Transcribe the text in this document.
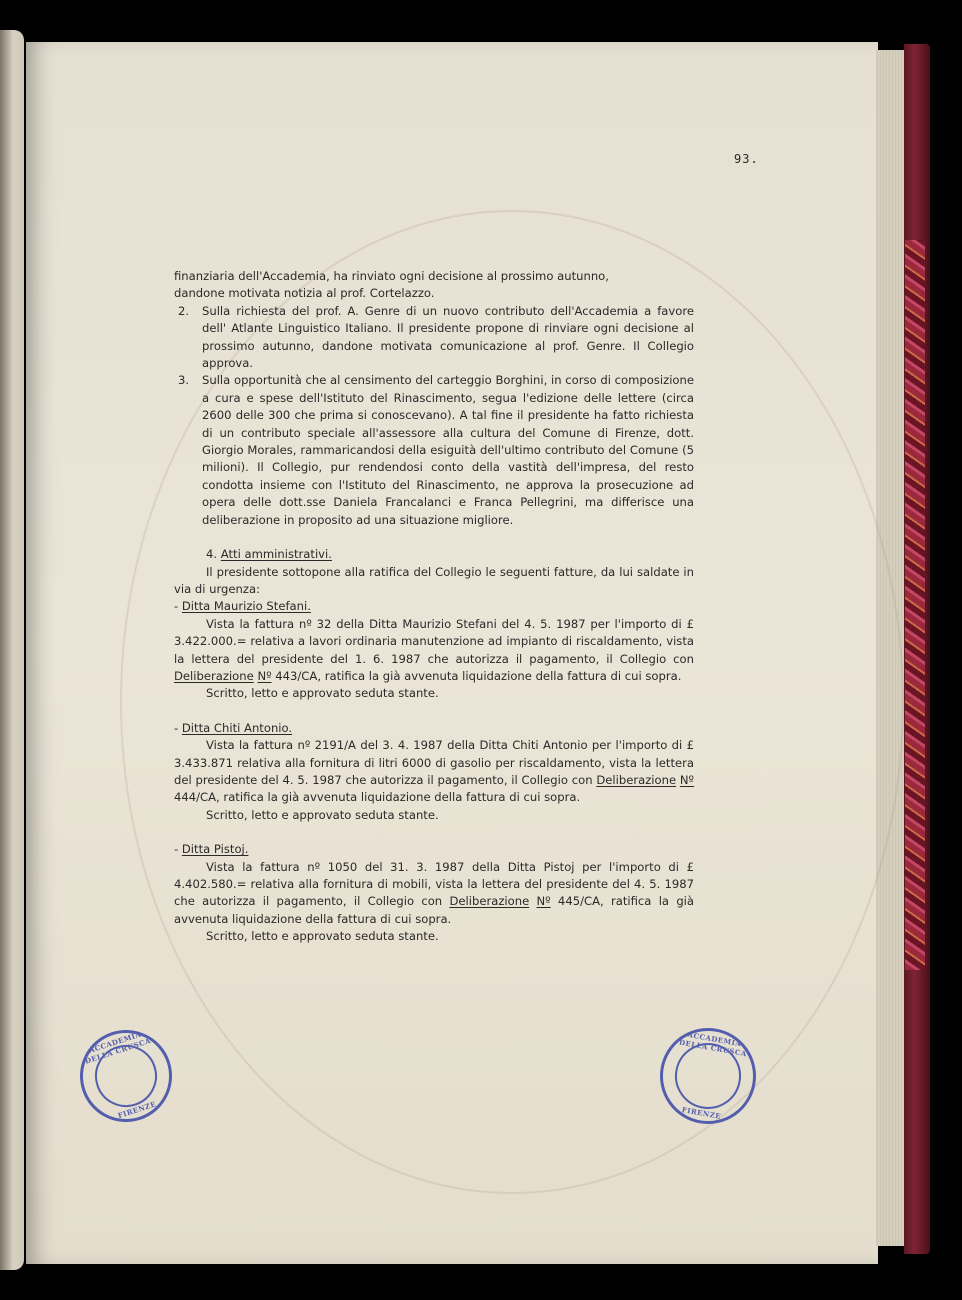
93.

finanziaria dell'Accademia, ha rinviato ogni decisione al prossimo autunno,

dandone motivata notizia al prof. Cortelazzo.

2. Sulla richiesta del prof. A. Genre di un nuovo contributo dell'Accademia a favore dell' Atlante Linguistico Italiano. Il presidente propone di rinviare ogni decisione al prossimo autunno, dandone motivata comunicazione al prof. Genre. Il Collegio approva.

3. Sulla opportunità che al censimento del carteggio Borghini, in corso di composizione a cura e spese dell'Istituto del Rinascimento, segua l'edizione delle lettere (circa 2600 delle 300 che prima si conoscevano). A tal fine il presidente ha fatto richiesta di un contributo speciale all'assessore alla cultura del Comune di Firenze, dott. Giorgio Morales, rammaricandosi della esiguità dell'ultimo contributo del Comune (5 milioni). Il Collegio, pur rendendosi conto della vastità dell'impresa, del resto condotta insieme con l'Istituto del Rinascimento, ne approva la prosecuzione ad opera delle dott.sse Daniela Francalanci e Franca Pellegrini, ma differisce una deliberazione in proposito ad una situazione migliore.

4. Atti amministrativi.

Il presidente sottopone alla ratifica del Collegio le seguenti fatture, da lui saldate in via di urgenza:

- Ditta Maurizio Stefani.

Vista la fattura nº 32 della Ditta Maurizio Stefani del 4. 5. 1987 per l'importo di £ 3.422.000.= relativa a lavori ordinaria manutenzione ad impianto di riscaldamento, vista la lettera del presidente del 1. 6. 1987 che autorizza il pagamento, il Collegio con Deliberazione Nº 443/CA, ratifica la già avvenuta liquidazione della fattura di cui sopra.

Scritto, letto e approvato seduta stante.

- Ditta Chiti Antonio.

Vista la fattura nº 2191/A del 3. 4. 1987 della Ditta Chiti Antonio per l'importo di £ 3.433.871 relativa alla fornitura di litri 6000 di gasolio per riscaldamento, vista la lettera del presidente del 4. 5. 1987 che autorizza il pagamento, il Collegio con Deliberazione Nº 444/CA, ratifica la già avvenuta liquidazione della fattura di cui sopra.

Scritto, letto e approvato seduta stante.

- Ditta Pistoj.

Vista la fattura nº 1050 del 31. 3. 1987 della Ditta Pistoj per l'importo di £ 4.402.580.= relativa alla fornitura di mobili, vista la lettera del presidente del 4. 5. 1987 che autorizza il pagamento, il Collegio con Deliberazione Nº 445/CA, ratifica la già avvenuta liquidazione della fattura di cui sopra.

Scritto, letto e approvato seduta stante.

ACCADEMIA DELLA CRUSCA
FIRENZE
ACCADEMIA DELLA CRUSCA
FIRENZE
